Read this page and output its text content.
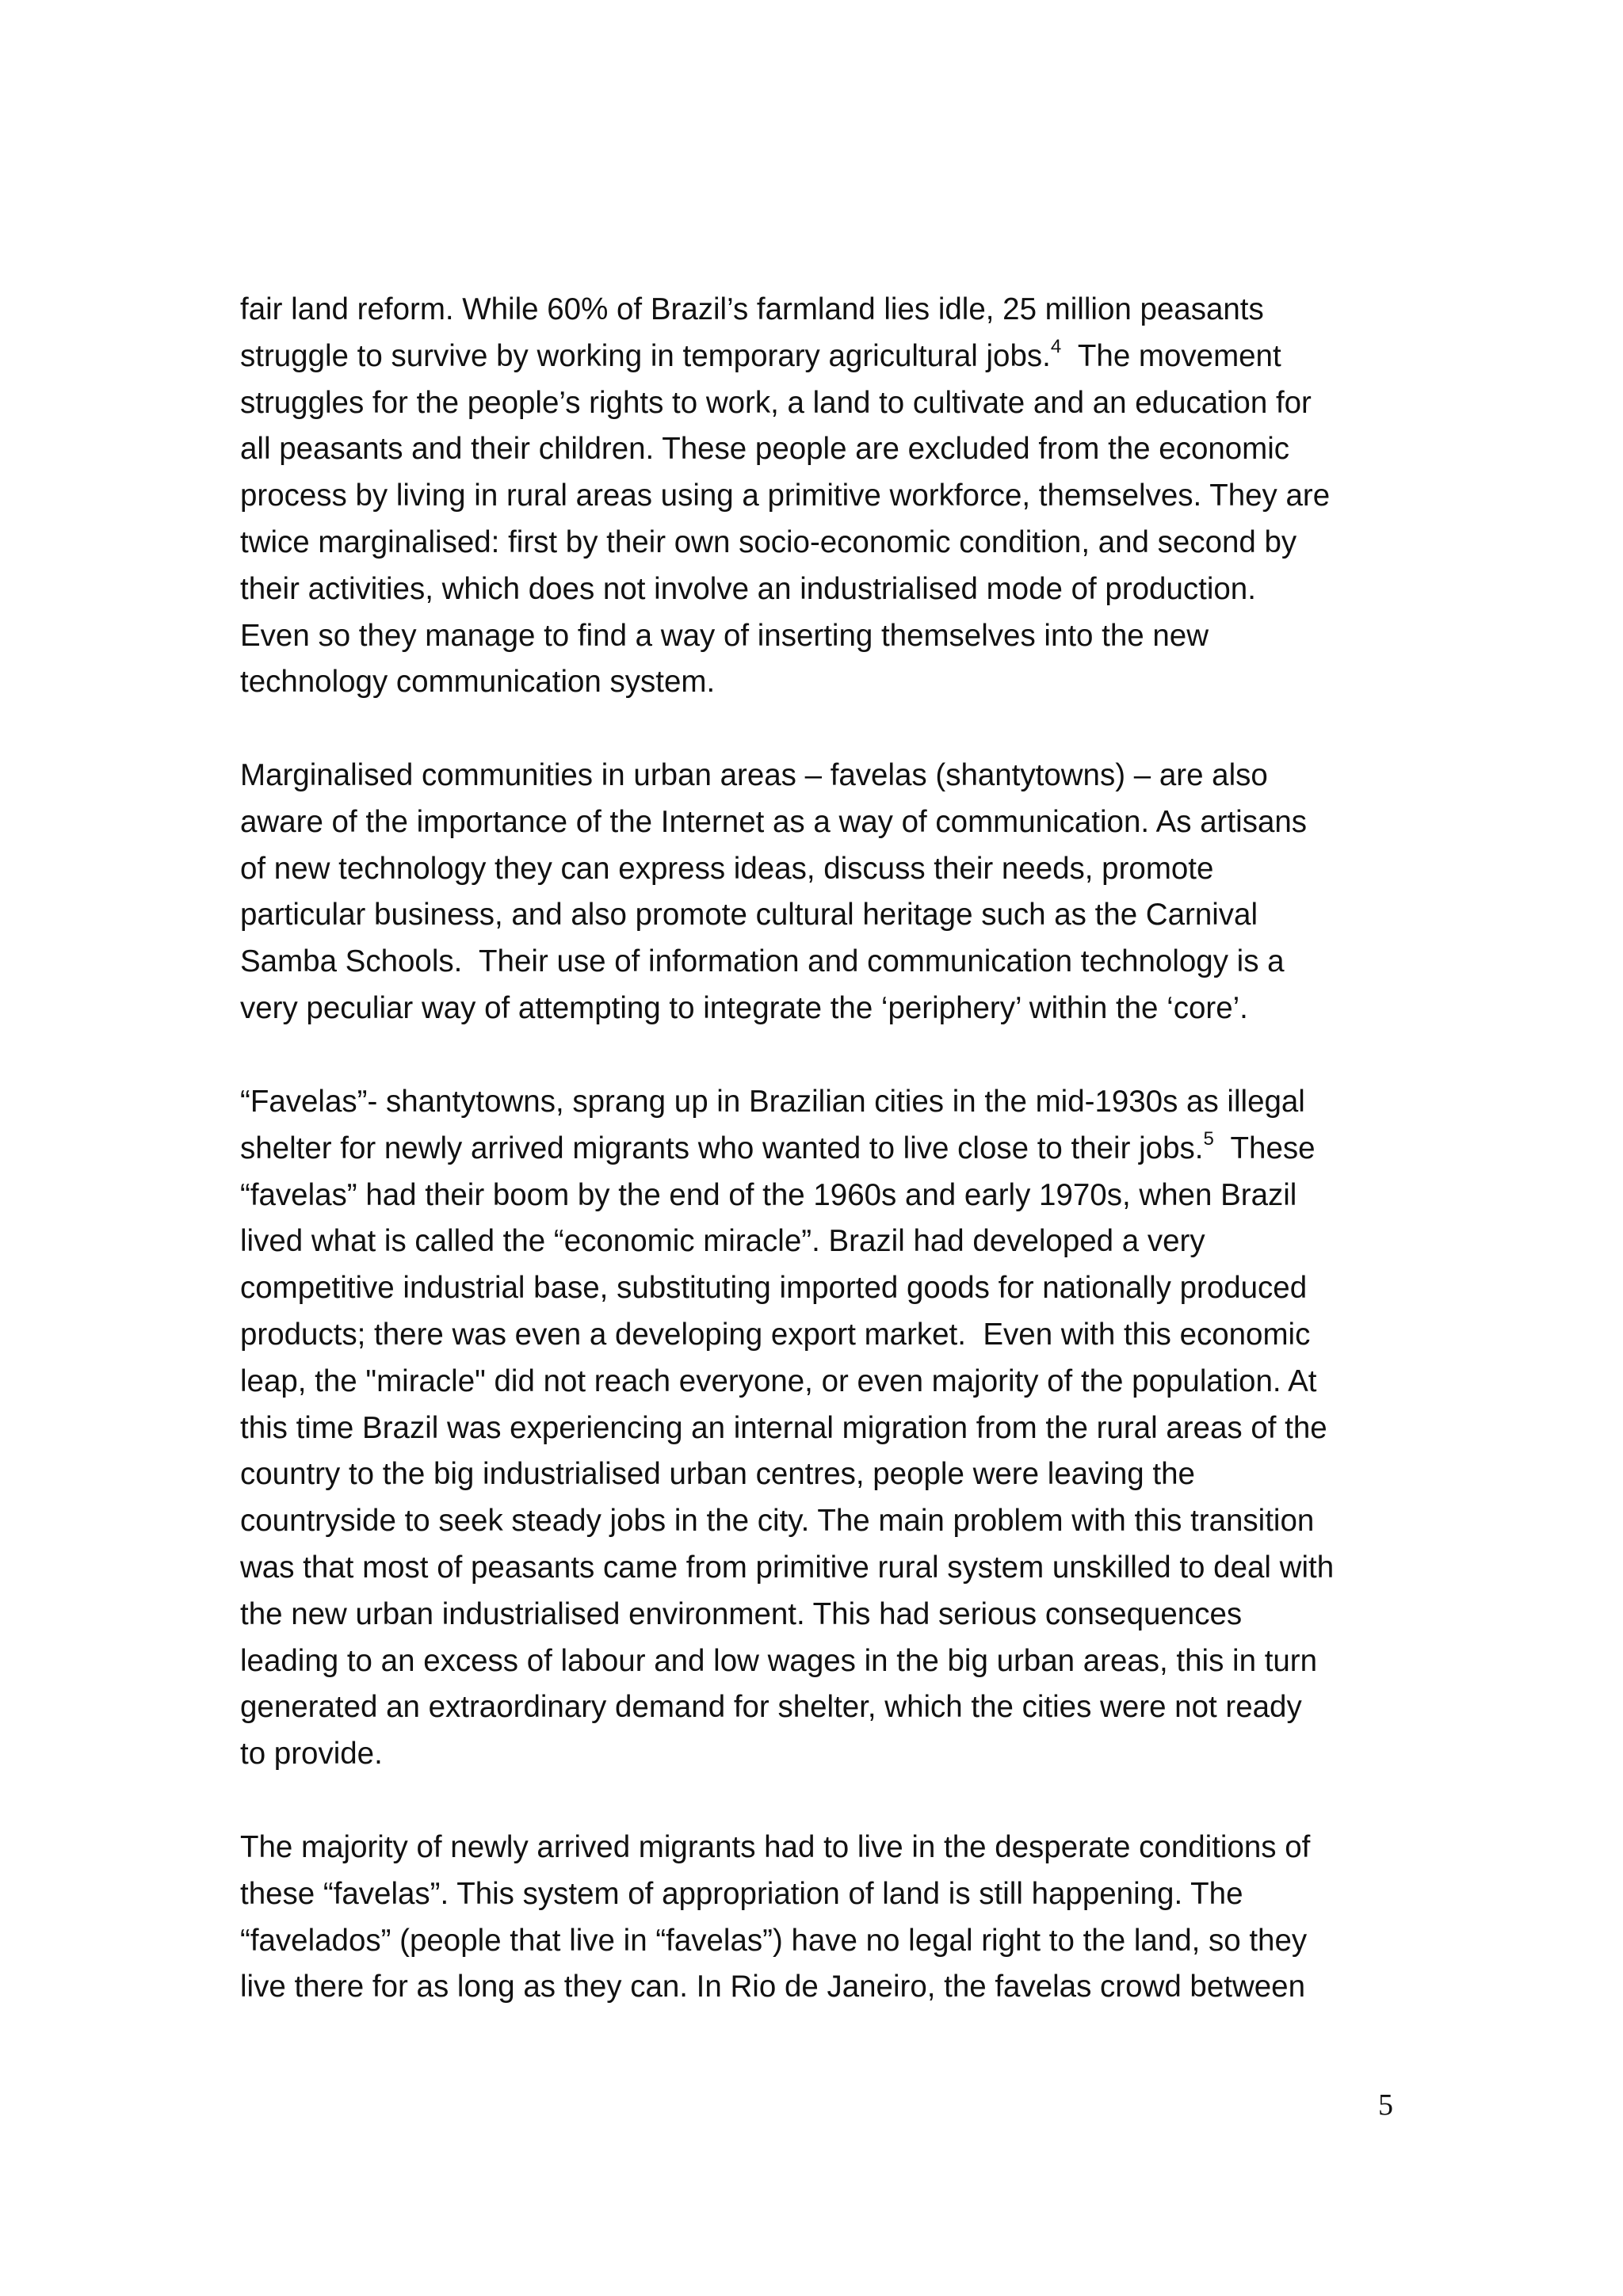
fair land reform. While 60% of Brazil’s farmland lies idle, 25 million peasants
struggle to survive by working in temporary agricultural jobs.$^4$  The movement
struggles for the people’s rights to work, a land to cultivate and an education for
all peasants and their children. These people are excluded from the economic
process by living in rural areas using a primitive workforce, themselves. They are
twice marginalised: first by their own socio-economic condition, and second by
their activities, which does not involve an industrialised mode of production.
Even so they manage to find a way of inserting themselves into the new
technology communication system.
Marginalised communities in urban areas – favelas (shantytowns) – are also
aware of the importance of the Internet as a way of communication. As artisans
of new technology they can express ideas, discuss their needs, promote
particular business, and also promote cultural heritage such as the Carnival
Samba Schools.  Their use of information and communication technology is a
very peculiar way of attempting to integrate the ‘periphery’ within the ‘core’.
“Favelas”- shantytowns, sprang up in Brazilian cities in the mid-1930s as illegal
shelter for newly arrived migrants who wanted to live close to their jobs.$^5$  These
“favelas” had their boom by the end of the 1960s and early 1970s, when Brazil
lived what is called the “economic miracle”. Brazil had developed a very
competitive industrial base, substituting imported goods for nationally produced
products; there was even a developing export market.  Even with this economic
leap, the "miracle" did not reach everyone, or even majority of the population. At
this time Brazil was experiencing an internal migration from the rural areas of the
country to the big industrialised urban centres, people were leaving the
countryside to seek steady jobs in the city. The main problem with this transition
was that most of peasants came from primitive rural system unskilled to deal with
the new urban industrialised environment. This had serious consequences
leading to an excess of labour and low wages in the big urban areas, this in turn
generated an extraordinary demand for shelter, which the cities were not ready
to provide.
The majority of newly arrived migrants had to live in the desperate conditions of
these “favelas”. This system of appropriation of land is still happening. The
“favelados” (people that live in “favelas”) have no legal right to the land, so they
live there for as long as they can. In Rio de Janeiro, the favelas crowd between
5
